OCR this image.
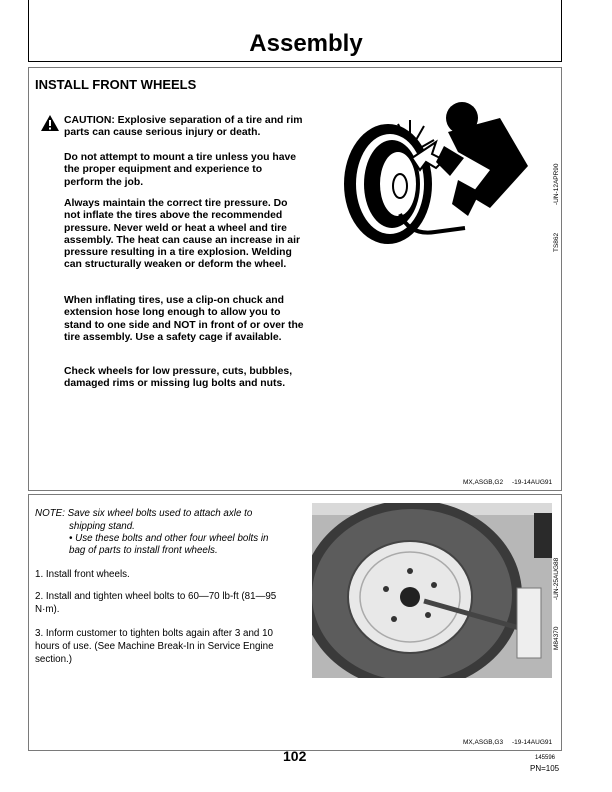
Assembly
INSTALL FRONT WHEELS
CAUTION: Explosive separation of a tire and rim parts can cause serious injury or death.
Do not attempt to mount a tire unless you have the proper equipment and experience to perform the job.
Always maintain the correct tire pressure. Do not inflate the tires above the recommended pressure. Never weld or heat a wheel and tire assembly. The heat can cause an increase in air pressure resulting in a tire explosion. Welding can structurally weaken or deform the wheel.
When inflating tires, use a clip-on chuck and extension hose long enough to allow you to stand to one side and NOT in front of or over the tire assembly. Use a safety cage if available.
Check wheels for low pressure, cuts, bubbles, damaged rims or missing lug bolts and nuts.
-UN-12APR90
TS862
MX,ASGB,G2 -19-14AUG91
NOTE: Save six wheel bolts used to attach axle to
shipping stand.
• Use these bolts and other four wheel bolts in
bag of parts to install front wheels.
1. Install front wheels.
2. Install and tighten wheel bolts to 60—70 lb-ft (81—95
N·m).
3. Inform customer to tighten bolts again after 3 and 10
hours of use. (See Machine Break-In in Service Engine
section.)
-UN-25AUG88
M84370
MX,ASGB,G3 -19-14AUG91
102	145596
PN=105
